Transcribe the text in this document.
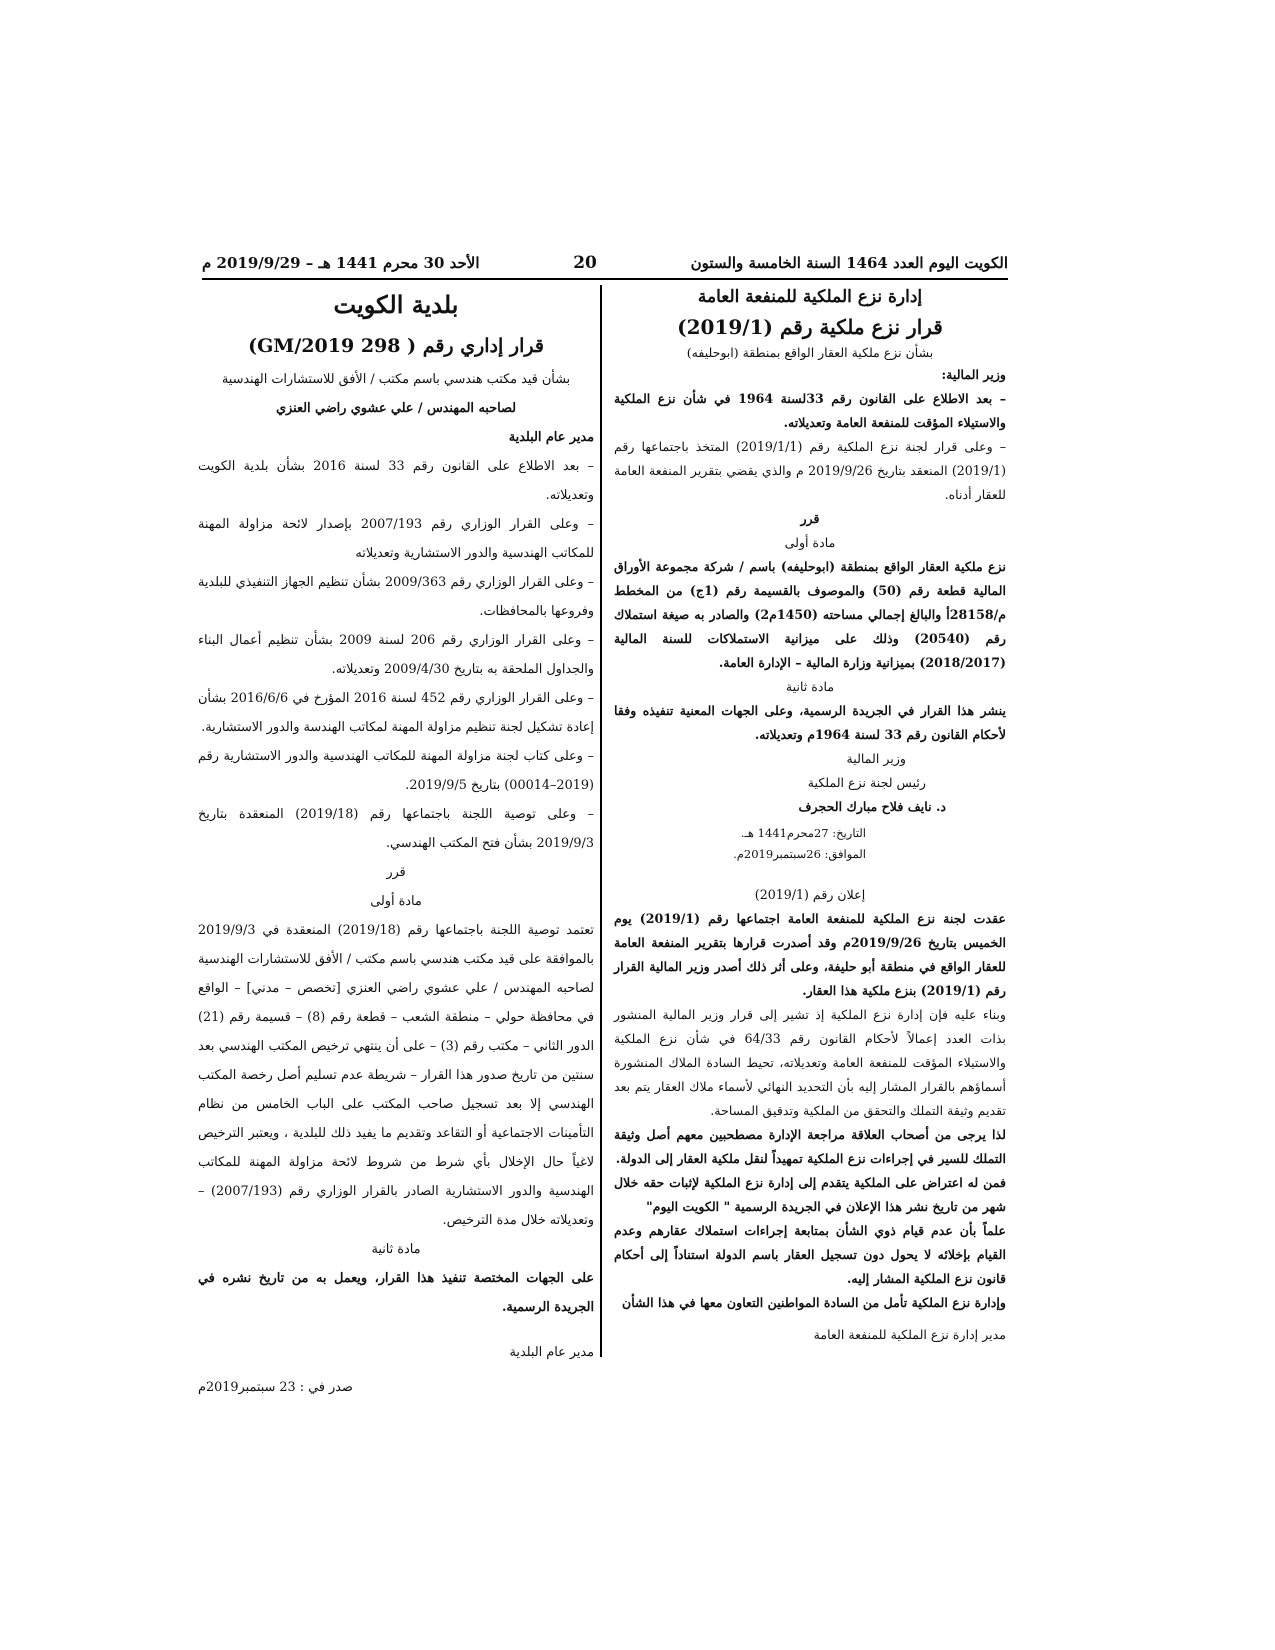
الكويت اليوم العدد 1464 السنة الخامسة والستون
20
الأحد 30 محرم 1441 هـ – 2019/9/29 م
إدارة نزع الملكية للمنفعة العامة
قرار نزع ملكية رقم (2019/1)
بشأن نزع ملكية العقار الواقع بمنطقة (ابوحليفه)

وزير المالية:

– بعد الاطلاع على القانون رقم 33لسنة 1964 في شأن نزع الملكية والاستيلاء المؤقت للمنفعة العامة وتعديلاته.

– وعلى قرار لجنة نزع الملكية رقم (2019/1/1) المتخذ باجتماعها رقم (2019/1) المنعقد بتاريخ 2019/9/26 م والذي يقضي بتقرير المنفعة العامة للعقار أدناه.

قرر

مادة أولى

نزع ملكية العقار الواقع بمنطقة (ابوحليفه) باسم / شركة مجموعة الأوراق المالية قطعة رقم (50) والموصوف بالقسيمة رقم (1ج) من المخطط م/28158أ والبالغ إجمالي مساحته (1450م2) والصادر به صيغة استملاك رقم (20540) وذلك على ميزانية الاستملاكات للسنة المالية (2018/2017) بميزانية وزارة المالية – الإدارة العامة.

مادة ثانية

ينشر هذا القرار في الجريدة الرسمية، وعلى الجهات المعنية تنفيذه وفقا لأحكام القانون رقم 33 لسنة 1964م وتعديلاته.

وزير المالية
رئيس لجنة نزع الملكية
د. نايف فلاح مبارك الحجرف
التاريخ: 27محرم1441 هـ.
الموافق: 26سبتمبر2019م.

إعلان رقم (2019/1)

عقدت لجنة نزع الملكية للمنفعة العامة اجتماعها رقم (2019/1) يوم الخميس بتاريخ 2019/9/26م وقد أصدرت قرارها بتقرير المنفعة العامة للعقار الواقع في منطقة أبو حليفة، وعلى أثر ذلك أصدر وزير المالية القرار رقم (2019/1) بنزع ملكية هذا العقار.

وبناء عليه فإن إدارة نزع الملكية إذ تشير إلى قرار وزير المالية المنشور بذات العدد إعمالاً لأحكام القانون رقم 64/33 في شأن نزع الملكية والاستيلاء المؤقت للمنفعة العامة وتعديلاته، تحيط السادة الملاك المنشورة أسماؤهم بالقرار المشار إليه بأن التحديد النهائي لأسماء ملاك العقار يتم بعد تقديم وثيقة التملك والتحقق من الملكية وتدقيق المساحة.

لذا يرجى من أصحاب العلاقة مراجعة الإدارة مصطحبين معهم أصل وثيقة التملك للسير في إجراءات نزع الملكية تمهيداً لنقل ملكية العقار إلى الدولة.

فمن له اعتراض على الملكية يتقدم إلى إدارة نزع الملكية لإثبات حقه خلال شهر من تاريخ نشر هذا الإعلان في الجريدة الرسمية " الكويت اليوم"

علماً بأن عدم قيام ذوي الشأن بمتابعة إجراءات استملاك عقارهم وعدم القيام بإخلائه لا يحول دون تسجيل العقار باسم الدولة استناداً إلى أحكام قانون نزع الملكية المشار إليه.

وإدارة نزع الملكية تأمل من السادة المواطنين التعاون معها في هذا الشأن

مدير إدارة نزع الملكية للمنفعة العامة

بلدية الكويت
قرار إداري رقم ( 298 2019/GM)

بشأن قيد مكتب هندسي باسم مكتب / الأفق للاستشارات الهندسية

لصاحبه المهندس / علي عشوي راضي العنزي

مدير عام البلدية

– بعد الاطلاع على القانون رقم 33 لسنة 2016 بشأن بلدية الكويت وتعديلاته.

– وعلى القرار الوزاري رقم 2007/193 بإصدار لائحة مزاولة المهنة للمكاتب الهندسية والدور الاستشارية وتعديلاته

– وعلى القرار الوزاري رقم 2009/363 بشأن تنظيم الجهاز التنفيذي للبلدية وفروعها بالمحافظات.

– وعلى القرار الوزاري رقم 206 لسنة 2009 بشأن تنظيم أعمال البناء والجداول الملحقة به بتاريخ 2009/4/30 وتعديلاته.

– وعلى القرار الوزاري رقم 452 لسنة 2016 المؤرخ في 2016/6/6 بشأن إعادة تشكيل لجنة تنظيم مزاولة المهنة لمكاتب الهندسة والدور الاستشارية.

– وعلى كتاب لجنة مزاولة المهنة للمكاتب الهندسية والدور الاستشارية رقم (2019–00014) بتاريخ 2019/9/5.

– وعلى توصية اللجنة باجتماعها رقم (2019/18) المنعقدة بتاريخ 2019/9/3 بشأن فتح المكتب الهندسي.

قرر

مادة أولى

تعتمد توصية اللجنة باجتماعها رقم (2019/18) المنعقدة في 2019/9/3 بالموافقة على قيد مكتب هندسي باسم مكتب / الأفق للاستشارات الهندسية لصاحبه المهندس / علي عشوي راضي العنزي [تخصص – مدني] – الواقع في محافظة حولي – منطقة الشعب – قطعة رقم (8) – قسيمة رقم (21) الدور الثاني – مكتب رقم (3) – على أن ينتهي ترخيص المكتب الهندسي بعد سنتين من تاريخ صدور هذا القرار – شريطة عدم تسليم أصل رخصة المكتب الهندسي إلا بعد تسجيل صاحب المكتب على الباب الخامس من نظام التأمينات الاجتماعية أو التقاعد وتقديم ما يفيد ذلك للبلدية ، ويعتبر الترخيص لاغياً حال الإخلال بأي شرط من شروط لائحة مزاولة المهنة للمكاتب الهندسية والدور الاستشارية الصادر بالقرار الوزاري رقم (2007/193) – وتعديلاته خلال مدة الترخيص.

مادة ثانية

على الجهات المختصة تنفيذ هذا القرار، ويعمل به من تاريخ نشره في الجريدة الرسمية.

مدير عام البلدية

صدر في : 23 سبتمبر2019م
